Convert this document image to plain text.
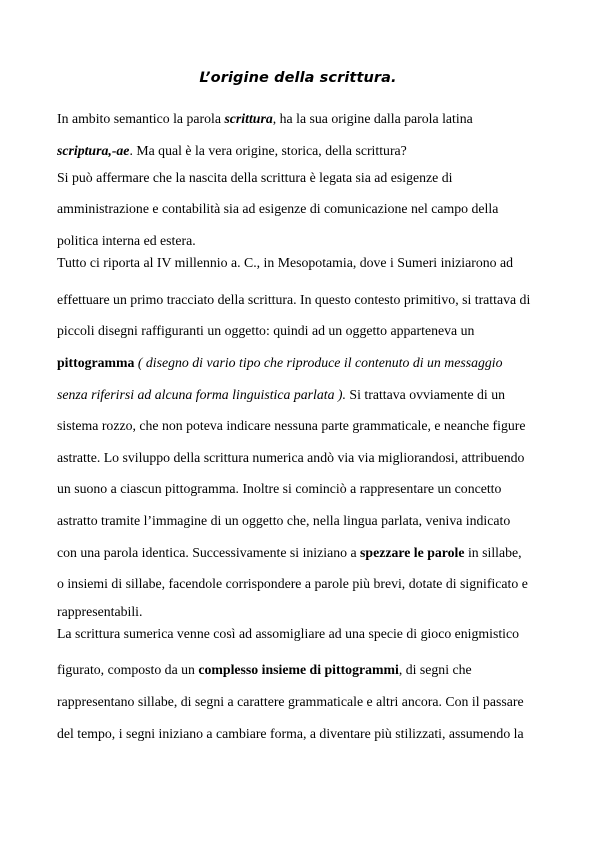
L’origine della scrittura.
In ambito semantico la parola scrittura, ha la sua origine dalla parola latina
scriptura,-ae. Ma qual è la vera origine, storica, della scrittura?
Si può affermare che la nascita della scrittura è legata sia ad esigenze di
amministrazione e contabilità sia ad esigenze di comunicazione nel campo della
politica interna ed estera.
Tutto ci riporta al IV millennio a. C., in Mesopotamia, dove i Sumeri iniziarono ad
effettuare un primo tracciato della scrittura. In questo contesto primitivo, si trattava di
piccoli disegni raffiguranti un oggetto: quindi ad un oggetto apparteneva un
pittogramma ( disegno di vario tipo che riproduce il contenuto di un messaggio
senza riferirsi ad alcuna forma linguistica parlata ). Si trattava ovviamente di un
sistema rozzo, che non poteva indicare nessuna parte grammaticale, e neanche figure
astratte. Lo sviluppo della scrittura numerica andò via via migliorandosi, attribuendo
un suono a ciascun pittogramma. Inoltre si cominciò a rappresentare un concetto
astratto tramite l’immagine di un oggetto che, nella lingua parlata, veniva indicato
con una parola identica. Successivamente si iniziano a spezzare le parole in sillabe,
o insiemi di sillabe, facendole corrispondere a parole più brevi, dotate di significato e
rappresentabili.
La scrittura sumerica venne così ad assomigliare ad una specie di gioco enigmistico
figurato, composto da un complesso insieme di pittogrammi, di segni che
rappresentano sillabe, di segni a carattere grammaticale e altri ancora. Con il passare
del tempo, i segni iniziano a cambiare forma, a diventare più stilizzati, assumendo la
